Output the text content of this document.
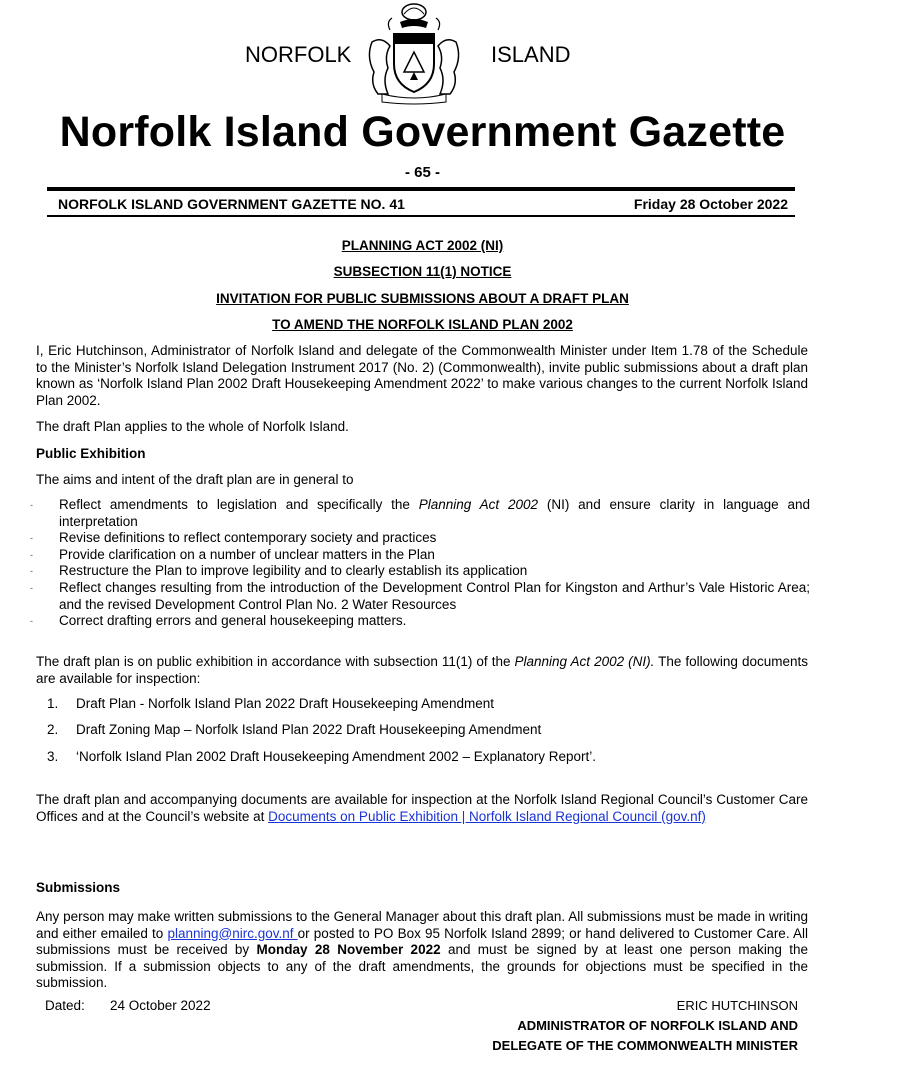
NORFOLK	ISLAND
Norfolk Island Government Gazette
- 65 -
NORFOLK ISLAND GOVERNMENT GAZETTE NO. 41	Friday 28 October 2022
PLANNING ACT 2002 (NI)
SUBSECTION 11(1) NOTICE
INVITATION FOR PUBLIC SUBMISSIONS ABOUT A DRAFT PLAN
TO AMEND THE NORFOLK ISLAND PLAN 2002
I, Eric Hutchinson, Administrator of Norfolk Island and delegate of the Commonwealth Minister under Item 1.78 of the Schedule to the Minister’s Norfolk Island Delegation Instrument 2017 (No. 2) (Commonwealth), invite public submissions about a draft plan known as ‘Norfolk Island Plan 2002 Draft Housekeeping Amendment 2022’ to make various changes to the current Norfolk Island Plan 2002.
The draft Plan applies to the whole of Norfolk Island.
Public Exhibition
The aims and intent of the draft plan are in general to
- Reflect amendments to legislation and specifically the Planning Act 2002 (NI) and ensure clarity in language and interpretation
- Revise definitions to reflect contemporary society and practices
- Provide clarification on a number of unclear matters in the Plan
- Restructure the Plan to improve legibility and to clearly establish its application
- Reflect changes resulting from the introduction of the Development Control Plan for Kingston and Arthur’s Vale Historic Area; and the revised Development Control Plan No. 2 Water Resources
- Correct drafting errors and general housekeeping matters.
The draft plan is on public exhibition in accordance with subsection 11(1) of the Planning Act 2002 (NI). The following documents are available for inspection:
1. Draft Plan - Norfolk Island Plan 2022 Draft Housekeeping Amendment
2. Draft Zoning Map – Norfolk Island Plan 2022 Draft Housekeeping Amendment
3. ‘Norfolk Island Plan 2002 Draft Housekeeping Amendment 2002 – Explanatory Report’.
The draft plan and accompanying documents are available for inspection at the Norfolk Island Regional Council’s Customer Care Offices and at the Council’s website at Documents on Public Exhibition | Norfolk Island Regional Council (gov.nf)
Submissions
Any person may make written submissions to the General Manager about this draft plan. All submissions must be made in writing and either emailed to planning@nirc.gov.nf or posted to PO Box 95 Norfolk Island 2899; or hand delivered to Customer Care. All submissions must be received by Monday 28 November 2022 and must be signed by at least one person making the submission. If a submission objects to any of the draft amendments, the grounds for objections must be specified in the submission.
Dated: 24 October 2022	ERIC HUTCHINSON
ADMINISTRATOR OF NORFOLK ISLAND AND
DELEGATE OF THE COMMONWEALTH MINISTER
